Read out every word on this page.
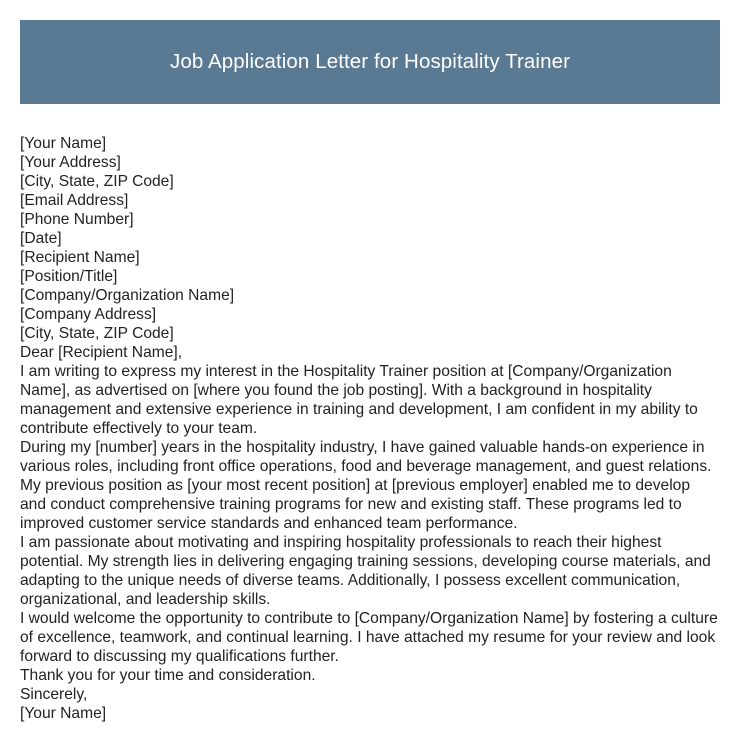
Job Application Letter for Hospitality Trainer
[Your Name]
[Your Address]
[City, State, ZIP Code]
[Email Address]
[Phone Number]
[Date]
[Recipient Name]
[Position/Title]
[Company/Organization Name]
[Company Address]
[City, State, ZIP Code]
Dear [Recipient Name],
I am writing to express my interest in the Hospitality Trainer position at [Company/Organization Name], as advertised on [where you found the job posting]. With a background in hospitality management and extensive experience in training and development, I am confident in my ability to contribute effectively to your team.
During my [number] years in the hospitality industry, I have gained valuable hands-on experience in various roles, including front office operations, food and beverage management, and guest relations. My previous position as [your most recent position] at [previous employer] enabled me to develop and conduct comprehensive training programs for new and existing staff. These programs led to improved customer service standards and enhanced team performance.
I am passionate about motivating and inspiring hospitality professionals to reach their highest potential. My strength lies in delivering engaging training sessions, developing course materials, and adapting to the unique needs of diverse teams. Additionally, I possess excellent communication, organizational, and leadership skills.
I would welcome the opportunity to contribute to [Company/Organization Name] by fostering a culture of excellence, teamwork, and continual learning. I have attached my resume for your review and look forward to discussing my qualifications further.
Thank you for your time and consideration.
Sincerely,
[Your Name]
